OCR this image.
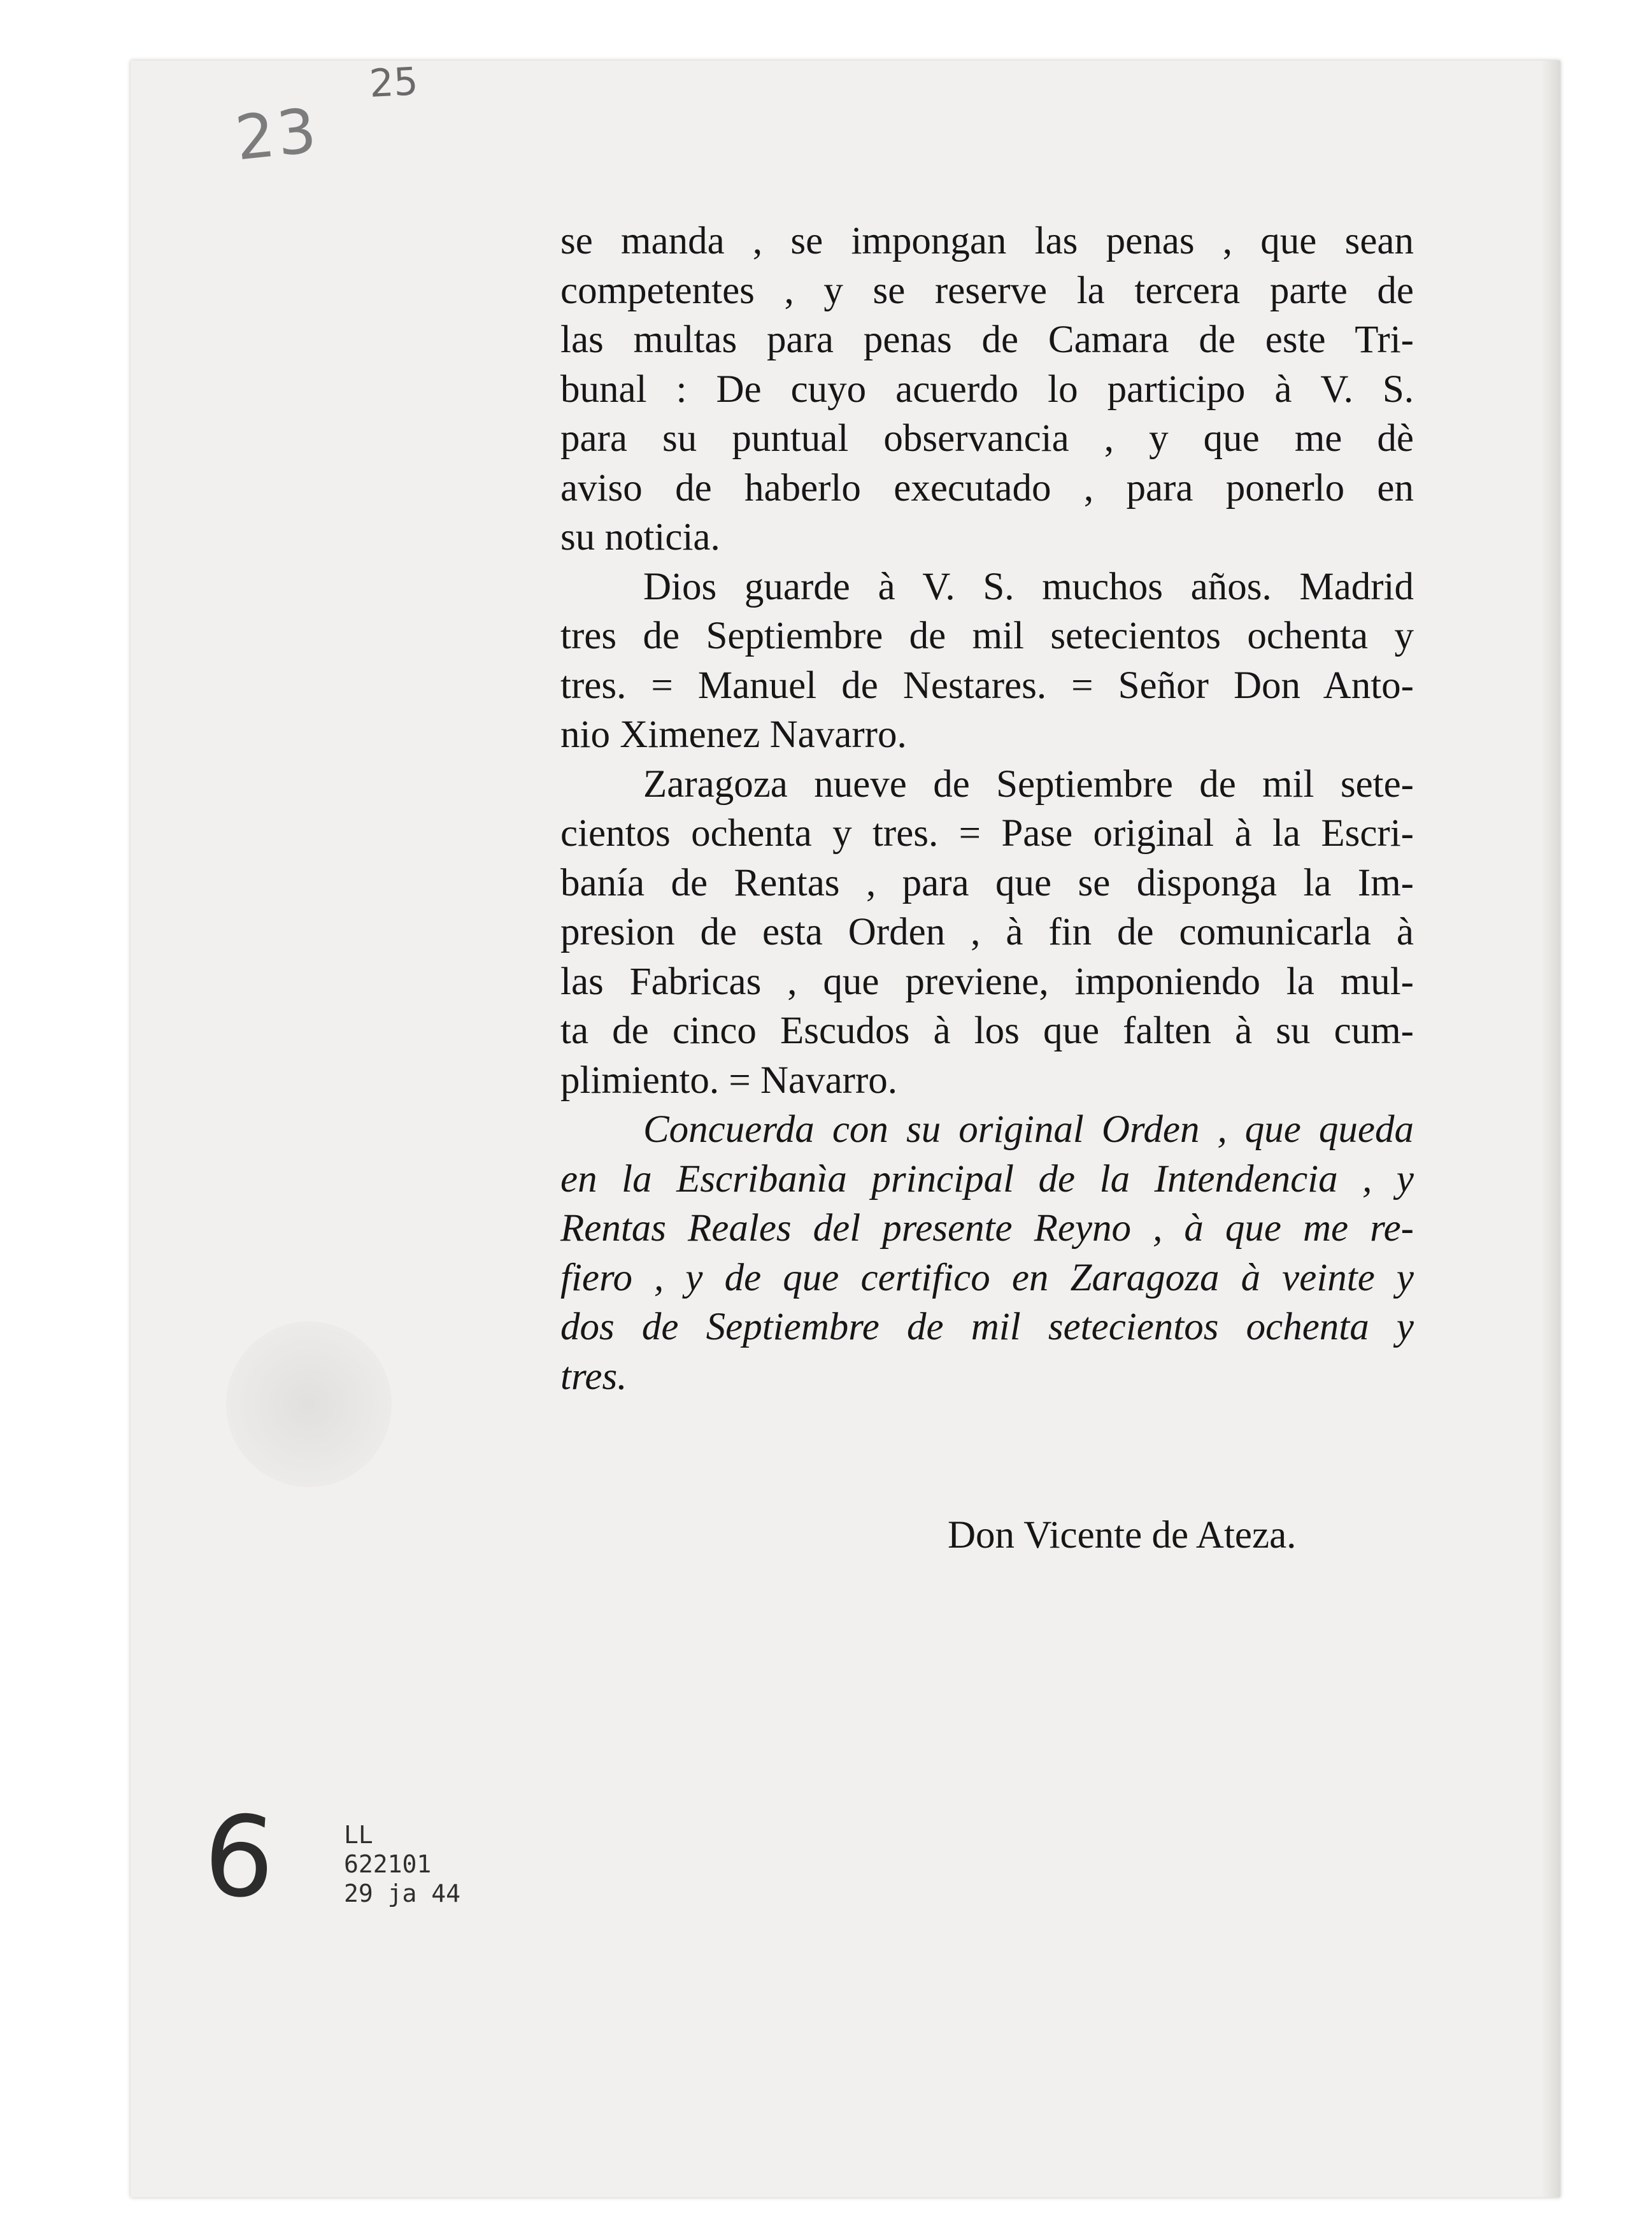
23
25
se manda , se impongan las penas , que sean
competentes , y se reserve la tercera parte de
las multas para penas de Camara de este Tri-
bunal : De cuyo acuerdo lo participo à V. S.
para su puntual observancia , y que me dè
aviso de haberlo executado , para ponerlo en
su noticia.
Dios guarde à V. S. muchos años. Madrid
tres de Septiembre de mil setecientos ochenta y
tres. = Manuel de Nestares. = Señor Don Anto-
nio Ximenez Navarro.
Zaragoza nueve de Septiembre de mil sete-
cientos ochenta y tres. = Pase original à la Escri-
banía de Rentas , para que se disponga la Im-
presion de esta Orden , à fin de comunicarla à
las Fabricas , que previene, imponiendo la mul-
ta de cinco Escudos à los que falten à su cum-
plimiento. = Navarro.
Concuerda con su original Orden , que queda
en la Escribanìa principal de la Intendencia , y
Rentas Reales del presente Reyno , à que me re-
fiero , y de que certifico en Zaragoza à veinte y
dos de Septiembre de mil setecientos ochenta y
tres.
Don Vicente de Ateza.
6	LL
622101
29 ja 44
